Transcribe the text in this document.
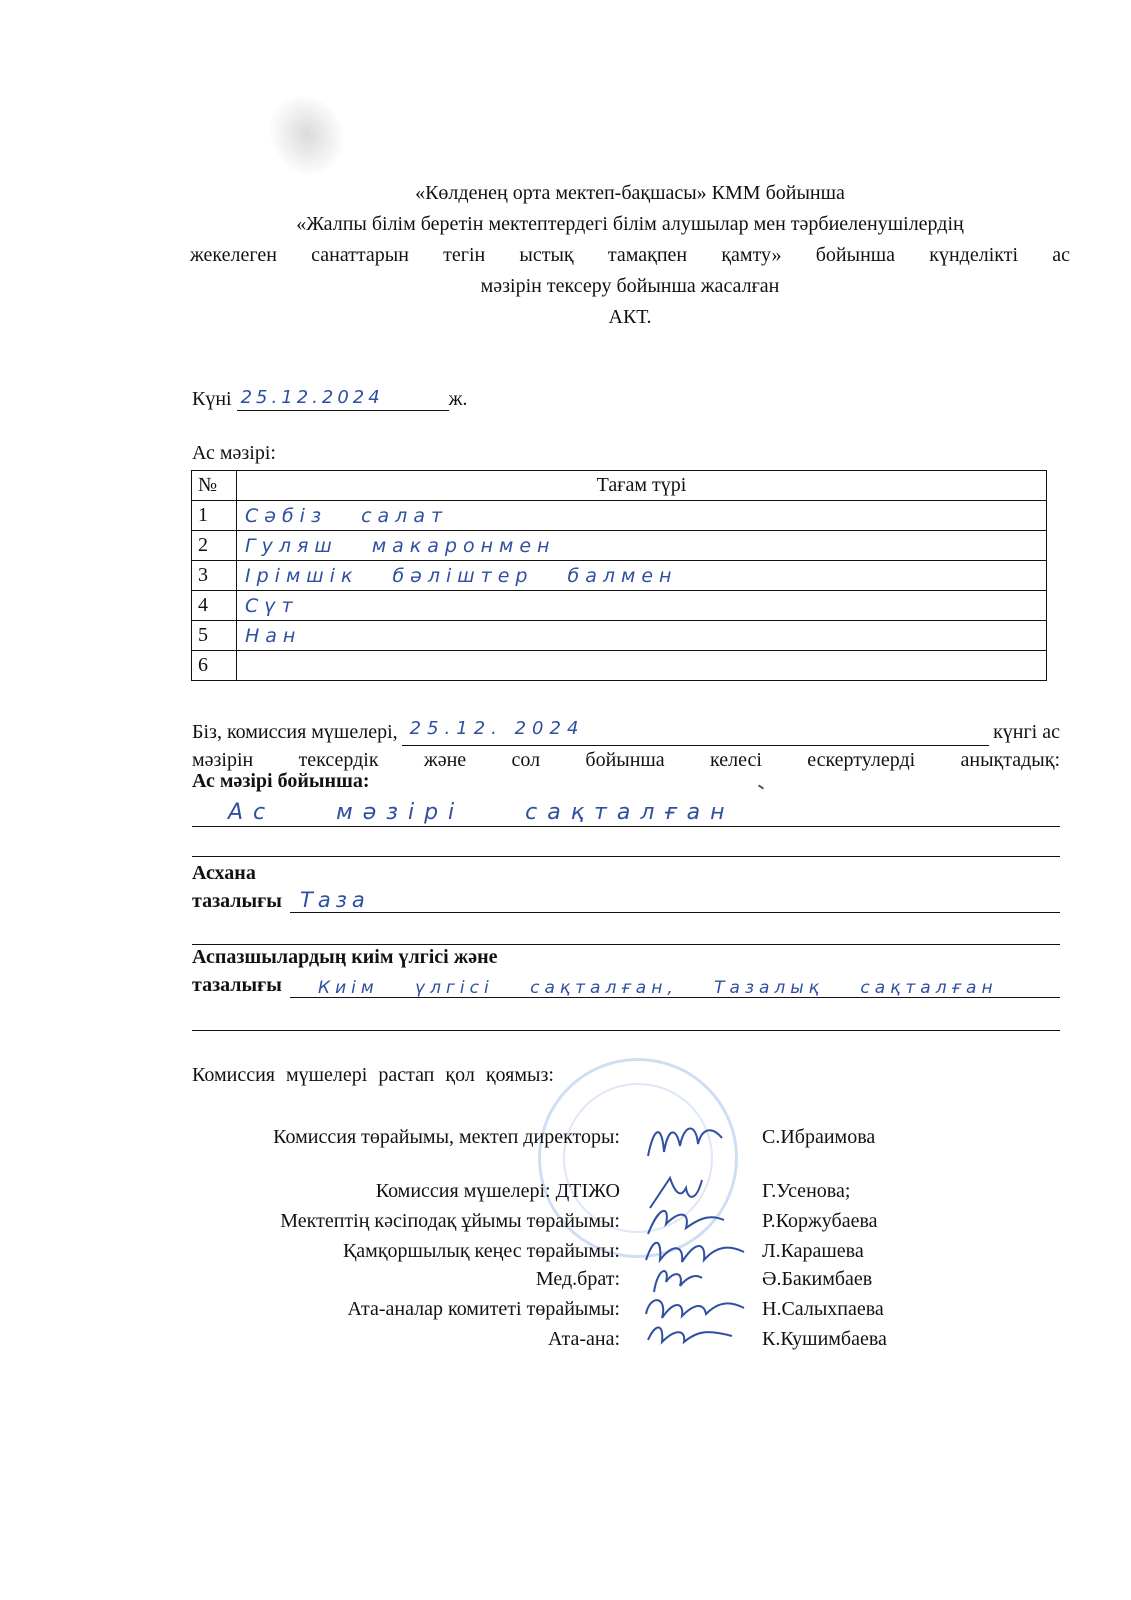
«Көлденең орта мектеп-бақшасы» КММ бойынша
«Жалпы білім беретін мектептердегі білім алушылар мен тәрбиеленушілердің
жекелеген санаттарын тегін ыстық тамақпен қамту» бойынша күнделікті ас
мәзірін тексеру бойынша жасалған
АКТ.
Күні 25.12.2024	ж.
Ас мәзірі:
№	Тағам түрі
1	Сәбіз салат
2	Гуляш макаронмен
3	Ірімшік бәліштер балмен
4	Сүт
5	Нан
6	
Біз, комиссия мүшелері, 25.12. 2024	күнгі ас
мәзірін тексердік және сол бойынша келесі ескертулерді анықтадық:
Ас мәзірі бойынша:
Ас мәзірі сақталған
Асхана
тазалығы Таза
Аспазшылардың киім үлгісі және
тазалығы Киім үлгісі сақталған, Тазалық сақталған
Комиссия мүшелері растап қол қоямыз:
Комиссия төрайымы, мектеп директоры:	С.Ибраимова
Комиссия мүшелері: ДТІЖО	Г.Усенова;
Мектептің кәсіподақ ұйымы төрайымы:	Р.Коржубаева
Қамқоршылық кеңес төрайымы:	Л.Карашева
Мед.брат:	Ә.Бакимбаев
Ата-аналар комитеті төрайымы:	Н.Салыхпаева
Ата-ана:	К.Кушимбаева
